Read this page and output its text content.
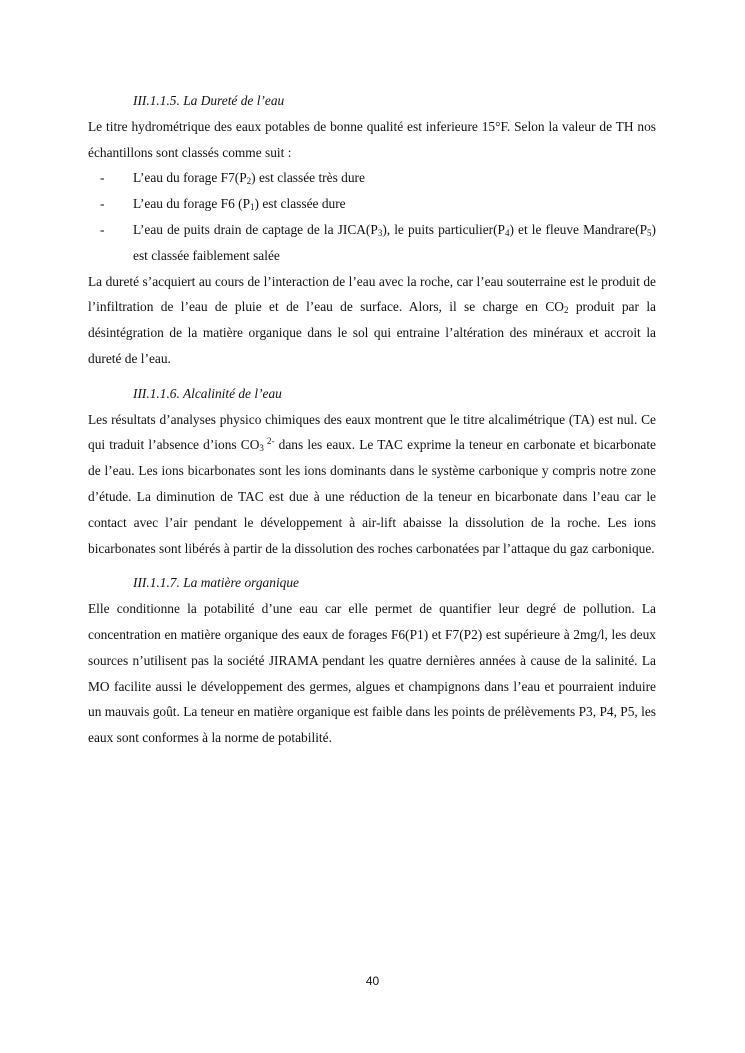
III.1.1.5. La Dureté de l’eau

Le titre hydrométrique des eaux potables de bonne qualité est inferieure 15°F. Selon la valeur de TH nos échantillons sont classés comme suit :

- L’eau du forage $F7(P_2)$ est classée très dure
- L’eau du forage F6 $(P_1)$ est classée dure
- L’eau de puits drain de captage de la $JICA(P_3)$, le puits $particulier(P_4)$ et le fleuve $Mandrare(P_5)$ est classée faiblement salée

La dureté s’acquiert au cours de l’interaction de l’eau avec la roche, car l’eau souterraine est le produit de l’infiltration de l’eau de pluie et de l’eau de surface. Alors, il se charge en $CO_2$ produit par la désintégration de la matière organique dans le sol qui entraine l’altération des minéraux et accroit la dureté de l’eau.

III.1.1.6. Alcalinité de l’eau

Les résultats d’analyses physico chimiques des eaux montrent que le titre alcalimétrique (TA) est nul. Ce qui traduit l’absence d’ions $CO_3$ $^{2-}$ dans les eaux. Le TAC exprime la teneur en carbonate et bicarbonate de l’eau. Les ions bicarbonates sont les ions dominants dans le système carbonique y compris notre zone d’étude. La diminution de TAC est due à une réduction de la teneur en bicarbonate dans l’eau car le contact avec l’air pendant le développement à air-lift abaisse la dissolution de la roche. Les ions bicarbonates sont libérés à partir de la dissolution des roches carbonatées par l’attaque du gaz carbonique.

III.1.1.7. La matière organique

Elle conditionne la potabilité d’une eau car elle permet de quantifier leur degré de pollution. La concentration en matière organique des eaux de forages F6(P1) et F7(P2) est supérieure à 2mg/l, les deux sources n’utilisent pas la société JIRAMA pendant les quatre dernières années à cause de la salinité. La MO facilite aussi le développement des germes, algues et champignons dans l’eau et pourraient induire un mauvais goût. La teneur en matière organique est faible dans les points de prélèvements P3, P4, P5, les eaux sont conformes à la norme de potabilité.

40
